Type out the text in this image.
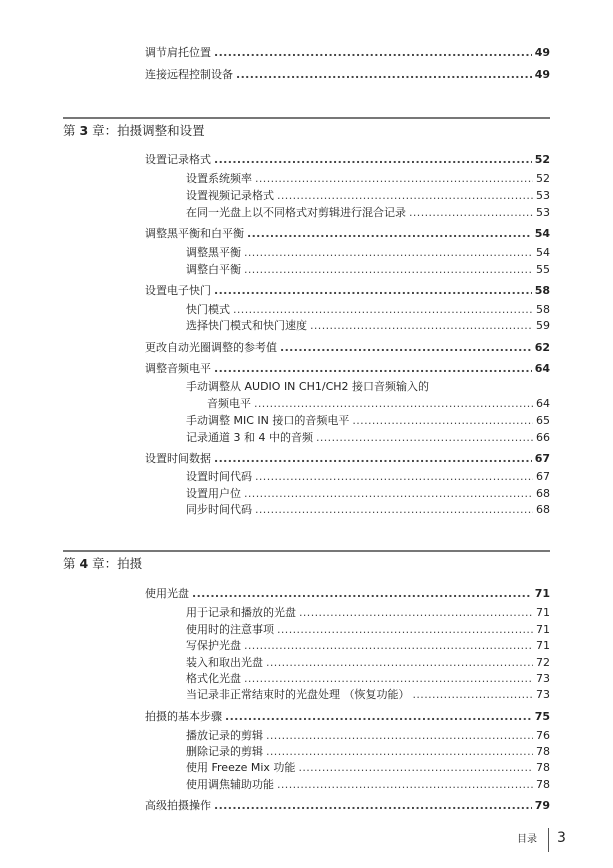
调节肩托位置 .....	49
连接远程控制设备 .....	49
第 3 章：拍摄调整和设置
设置记录格式 .....	52
设置系统频率 .....	52
设置视频记录格式 .....	53
在同一光盘上以不同格式对剪辑进行混合记录 .....	53
调整黑平衡和白平衡 .....	54
调整黑平衡 .....	54
调整白平衡 .....	55
设置电子快门 .....	58
快门模式 .....	58
选择快门模式和快门速度 .....	59
更改自动光圈调整的参考值 .....	62
调整音频电平 .....	64
手动调整从 AUDIO IN CH1/CH2 接口音频输入的
音频电平 .....	64
手动调整 MIC IN 接口的音频电平 .....	65
记录通道 3 和 4 中的音频 .....	66
设置时间数据 .....	67
设置时间代码 .....	67
设置用户位 .....	68
同步时间代码 .....	68
第 4 章：拍摄
使用光盘 .....	71
用于记录和播放的光盘 .....	71
使用时的注意事项 .....	71
写保护光盘 .....	71
装入和取出光盘 .....	72
格式化光盘 .....	73
当记录非正常结束时的光盘处理 （恢复功能） .....	73
拍摄的基本步骤 .....	75
播放记录的剪辑 .....	76
删除记录的剪辑 .....	78
使用 Freeze Mix 功能 .....	78
使用调焦辅助功能 .....	78
高级拍摄操作 .....	79
目录 3
